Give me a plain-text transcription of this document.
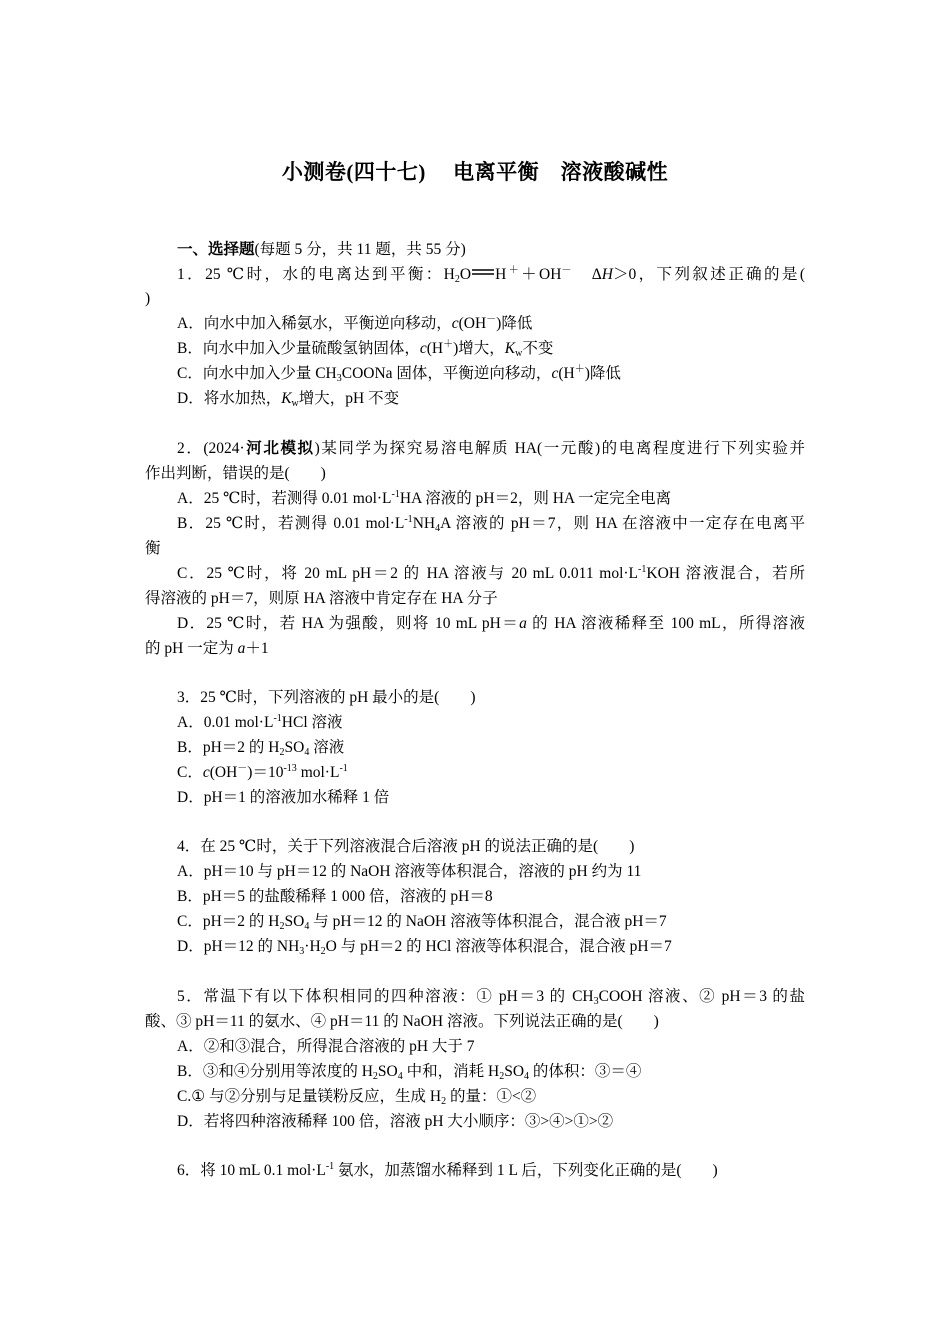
小测卷(四十七)　 电离平衡　溶液酸碱性
一、选择题(每题 5 分，共 11 题，共 55 分)
1．25 ℃时，水的电离达到平衡：$H_2O$ H＋＋OH－　ΔH＞0，下列叙述正确的是(
)
A．向水中加入稀氨水，平衡逆向移动，c(OH－)降低
B．向水中加入少量硫酸氢钠固体，c(H＋)增大，$K_w$不变
C．向水中加入少量 $CH_3COONa$ 固体，平衡逆向移动，c(H＋)降低
D．将水加热，$K_w$增大，pH 不变
2．(2024·河北模拟)某同学为探究易溶电解质 HA(一元酸)的电离程度进行下列实验并
作出判断，错误的是(　　)
A．25 ℃时，若测得 0.01 $mol\cdot L^{-1}HA$ 溶液的 pH＝2，则 HA 一定完全电离
B．25 ℃时，若测得 0.01 $mol\cdot L^{-1}NH_4A$ 溶液的 pH＝7，则 HA 在溶液中一定存在电离平
衡
C．25 ℃时，将 20 mL pH＝2 的 HA 溶液与 20 mL 0.011 $mol\cdot L^{-1}KOH$ 溶液混合，若所
得溶液的 pH＝7，则原 HA 溶液中肯定存在 HA 分子
D．25 ℃时，若 HA 为强酸，则将 10 mL pH＝a 的 HA 溶液稀释至 100 mL，所得溶液
的 pH 一定为 a＋1
3．25 ℃时，下列溶液的 pH 最小的是(　　)
A．0.01 $mol\cdot L^{-1}HCl$ 溶液
B．pH＝2 的 $H_2SO_4$ 溶液
C．$c(OH^-)=10^{-13}$ $mol\cdot L^{-1}$
D．pH＝1 的溶液加水稀释 1 倍
4．在 25 ℃时，关于下列溶液混合后溶液 pH 的说法正确的是(　　)
A．pH＝10 与 pH＝12 的 NaOH 溶液等体积混合，溶液的 pH 约为 11
B．pH＝5 的盐酸稀释 1 000 倍，溶液的 pH＝8
C．pH＝2 的 $H_2SO_4$ 与 pH＝12 的 NaOH 溶液等体积混合，混合液 pH＝7
D．pH＝12 的 $NH_3\cdot H_2O$ 与 pH＝2 的 HCl 溶液等体积混合，混合液 pH＝7
5．常温下有以下体积相同的四种溶液：① pH＝3 的 $CH_3COOH$ 溶液、② pH＝3 的盐
酸、③ pH＝11 的氨水、④ pH＝11 的 NaOH 溶液。下列说法正确的是(　　)
A．②和③混合，所得混合溶液的 pH 大于 7
B．③和④分别用等浓度的 $H_2SO_4$ 中和，消耗 $H_2SO_4$ 的体积：③＝④
C.① 与②分别与足量镁粉反应，生成 $H_2$ 的量：①<②
D．若将四种溶液稀释 100 倍，溶液 pH 大小顺序：③>④>①>②
6．将 10 mL 0.1 $mol\cdot L^{-1}$ 氨水，加蒸馏水稀释到 1 L 后，下列变化正确的是(　　)
